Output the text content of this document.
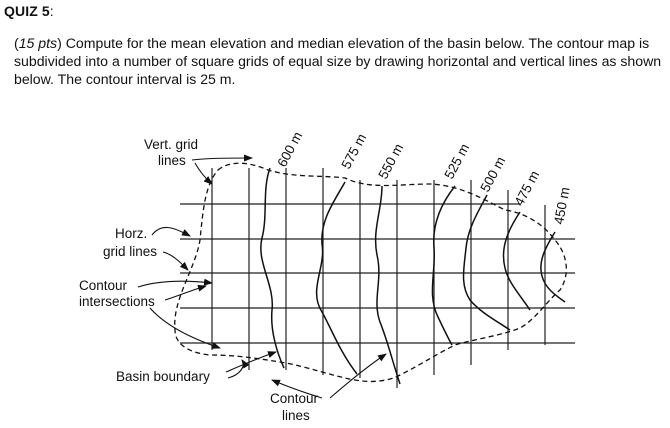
QUIZ 5:
(15 pts) Compute for the mean elevation and median elevation of the basin below. The contour map is subdivided into a number of square grids of equal size by drawing horizontal and vertical lines as shown below. The contour interval is 25 m.
600 m 575 m 550 m	525 m 500 m 475 m 450 m
Vert. grid
lines
Horz.
grid lines
Contour
intersections
Basin boundary
Contour
lines
